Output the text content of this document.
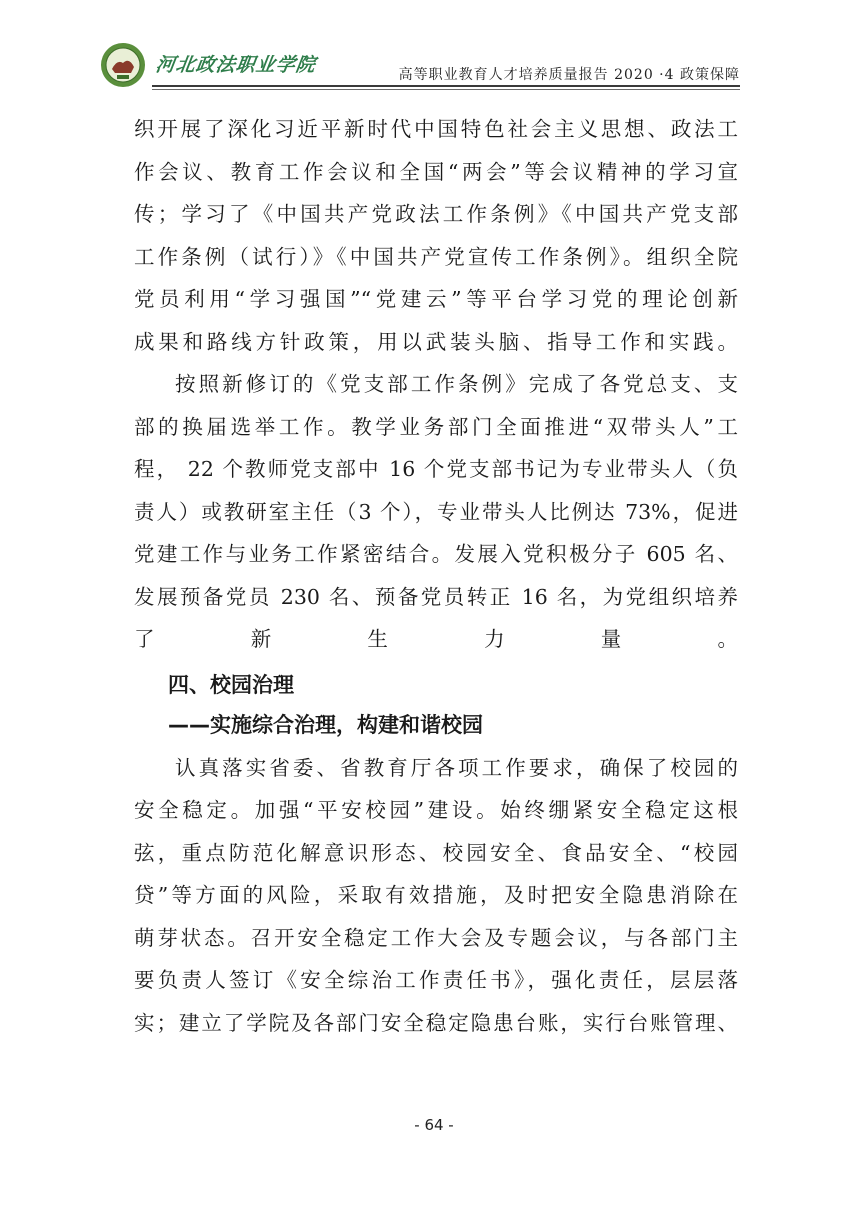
河北政法职业学院	高等职业教育人才培养质量报告 2020 ·4 政策保障
织开展了深化习近平新时代中国特色社会主义思想、政法工
作会议、教育工作会议和全国“两会”等会议精神的学习宣
传；学习了《中国共产党政法工作条例》《中国共产党支部
工作条例（试行）》《中国共产党宣传工作条例》。组织全院
党员利用“学习强国”“党建云”等平台学习党的理论创新
成果和路线方针政策，用以武装头脑、指导工作和实践。
按照新修订的《党支部工作条例》完成了各党总支、支
部的换届选举工作。教学业务部门全面推进“双带头人”工
程， 22 个教师党支部中 16 个党支部书记为专业带头人（负
责人）或教研室主任（3 个），专业带头人比例达 73%，促进
党建工作与业务工作紧密结合。发展入党积极分子 605 名、
发展预备党员 230 名、预备党员转正 16 名，为党组织培养
了新生力量。
四、校园治理
——实施综合治理，构建和谐校园
认真落实省委、省教育厅各项工作要求，确保了校园的
安全稳定。加强“平安校园”建设。始终绷紧安全稳定这根
弦，重点防范化解意识形态、校园安全、食品安全、“校园
贷”等方面的风险，采取有效措施，及时把安全隐患消除在
萌芽状态。召开安全稳定工作大会及专题会议，与各部门主
要负责人签订《安全综治工作责任书》，强化责任，层层落
实；建立了学院及各部门安全稳定隐患台账，实行台账管理、
- 64 -
